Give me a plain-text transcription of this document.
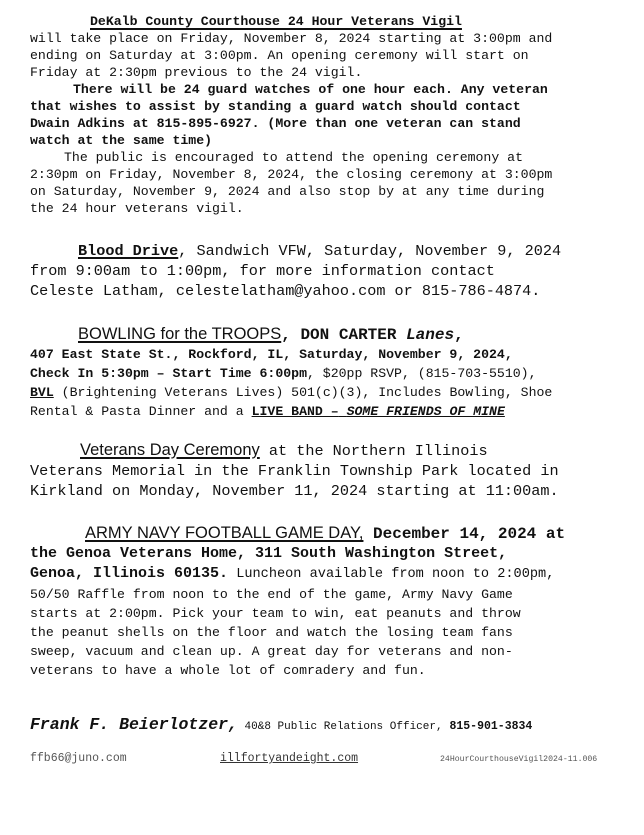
DeKalb County Courthouse 24 Hour Veterans Vigil
will take place on Friday, November 8, 2024 starting at 3:00pm and
ending on Saturday at 3:00pm. An opening ceremony will start on
Friday at 2:30pm previous to the 24 vigil.
There will be 24 guard watches of one hour each. Any veteran
that wishes to assist by standing a guard watch should contact
Dwain Adkins at 815-895-6927. (More than one veteran can stand
watch at the same time)
The public is encouraged to attend the opening ceremony at
2:30pm on Friday, November 8, 2024, the closing ceremony at 3:00pm
on Saturday, November 9, 2024 and also stop by at any time during
the 24 hour veterans vigil.
Blood Drive, Sandwich VFW, Saturday, November 9, 2024
from 9:00am to 1:00pm, for more information contact
Celeste Latham, celestelatham@yahoo.com or 815-786-4874.
BOWLING for the TROOPS, DON CARTER Lanes,
407 East State St., Rockford, IL, Saturday, November 9, 2024,
Check In 5:30pm – Start Time 6:00pm, $20pp RSVP, (815-703-5510),
BVL (Brightening Veterans Lives) 501(c)(3), Includes Bowling, Shoe
Rental & Pasta Dinner and a LIVE BAND – SOME FRIENDS OF MINE
Veterans Day Ceremony at the Northern Illinois
Veterans Memorial in the Franklin Township Park located in
Kirkland on Monday, November 11, 2024 starting at 11:00am.
ARMY NAVY FOOTBALL GAME DAY, December 14, 2024 at
the Genoa Veterans Home, 311 South Washington Street,
Genoa, Illinois 60135. Luncheon available from noon to 2:00pm,
50/50 Raffle from noon to the end of the game, Army Navy Game
starts at 2:00pm. Pick your team to win, eat peanuts and throw
the peanut shells on the floor and watch the losing team fans
sweep, vacuum and clean up. A great day for veterans and non-
veterans to have a whole lot of comradery and fun.
Frank F. Beierlotzer, 40&8 Public Relations Officer, 815-901-3834
ffb66@juno.com	illfortyandeight.com	24HourCourthouseVigil2024-11.006
